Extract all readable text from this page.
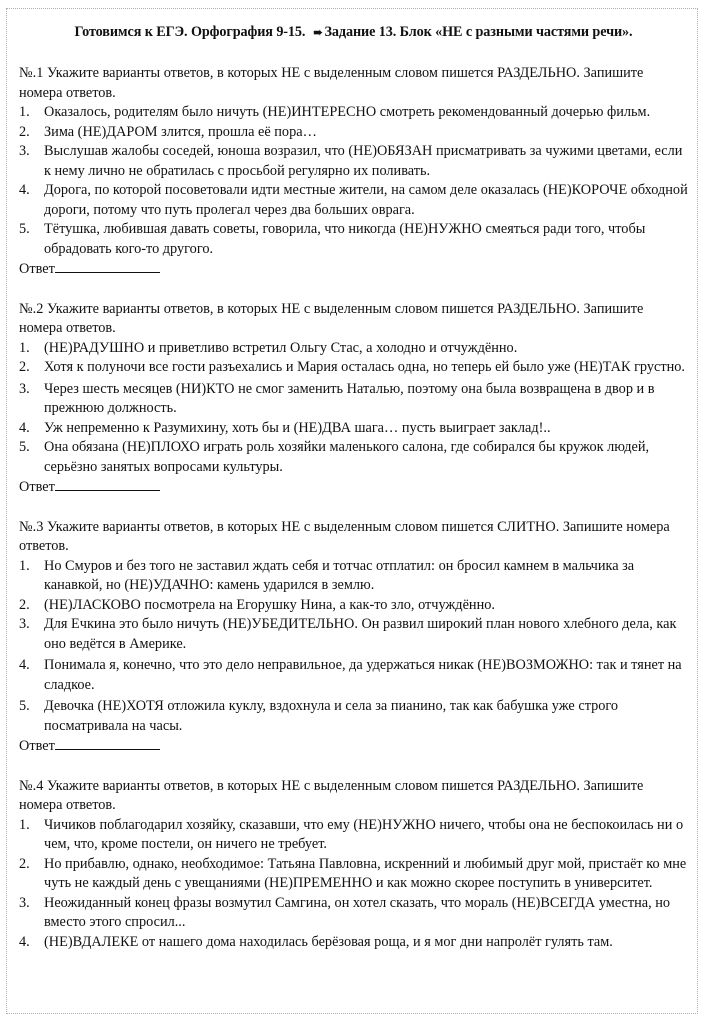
Готовимся к ЕГЭ. Орфография 9-15. ➠ Задание 13. Блок «НЕ с разными частями речи».

№.1 Укажите варианты ответов, в которых НЕ с выделенным словом пишется РАЗДЕЛЬНО. Запишите номера ответов.

1. Оказалось, родителям было ничуть (НЕ)ИНТЕРЕСНО смотреть рекомендованный дочерью фильм.
2. Зима (НЕ)ДАРОМ злится, прошла её пора…
3. Выслушав жалобы соседей, юноша возразил, что (НЕ)ОБЯЗАН присматривать за чужими цветами, если к нему лично не обратилась с просьбой регулярно их поливать.
4. Дорога, по которой посоветовали идти местные жители, на самом деле оказалась (НЕ)КОРОЧЕ обходной дороги, потому что путь пролегал через два больших оврага.
5. Тётушка, любившая давать советы, говорила, что никогда (НЕ)НУЖНО смеяться ради того, чтобы обрадовать кого-то другого.

Ответ

№.2 Укажите варианты ответов, в которых НЕ с выделенным словом пишется РАЗДЕЛЬНО. Запишите номера ответов.

1. (НЕ)РАДУШНО и приветливо встретил Ольгу Стас, а холодно и отчуждённо.
2. Хотя к полуночи все гости разъехались и Мария осталась одна, но теперь ей было уже (НЕ)ТАК грустно.
3. Через шесть месяцев (НИ)КТО не смог заменить Наталью, поэтому она была возвращена в двор и в прежнюю должность.
4. Уж непременно к Разумихину, хоть бы и (НЕ)ДВА шага… пусть выиграет заклад!..
5. Она обязана (НЕ)ПЛОХО играть роль хозяйки маленького салона, где собирался бы кружок людей, серьёзно занятых вопросами культуры.

Ответ

№.3 Укажите варианты ответов, в которых НЕ с выделенным словом пишется СЛИТНО. Запишите номера ответов.

1. Но Смуров и без того не заставил ждать себя и тотчас отплатил: он бросил камнем в мальчика за канавкой, но (НЕ)УДАЧНО: камень ударился в землю.
2. (НЕ)ЛАСКОВО посмотрела на Егорушку Нина, а как-то зло, отчуждённо.
3. Для Ечкина это было ничуть (НЕ)УБЕДИТЕЛЬНО. Он развил широкий план нового хлебного дела, как оно ведётся в Америке.
4. Понимала я, конечно, что это дело неправильное, да удержаться никак (НЕ)ВОЗМОЖНО: так и тянет на сладкое.
5. Девочка (НЕ)ХОТЯ отложила куклу, вздохнула и села за пианино, так как бабушка уже строго посматривала на часы.

Ответ

№.4 Укажите варианты ответов, в которых НЕ с выделенным словом пишется РАЗДЕЛЬНО. Запишите номера ответов.

1. Чичиков поблагодарил хозяйку, сказавши, что ему (НЕ)НУЖНО ничего, чтобы она не беспокоилась ни о чем, что, кроме постели, он ничего не требует.
2. Но прибавлю, однако, необходимое: Татьяна Павловна, искренний и любимый друг мой, пристаёт ко мне чуть не каждый день с увещаниями (НЕ)ПРЕМЕННО и как можно скорее поступить в университет.
3. Неожиданный конец фразы возмутил Самгина, он хотел сказать, что мораль (НЕ)ВСЕГДА уместна, но вместо этого спросил...
4. (НЕ)ВДАЛЕКЕ от нашего дома находилась берёзовая роща, и я мог дни напролёт гулять там.
